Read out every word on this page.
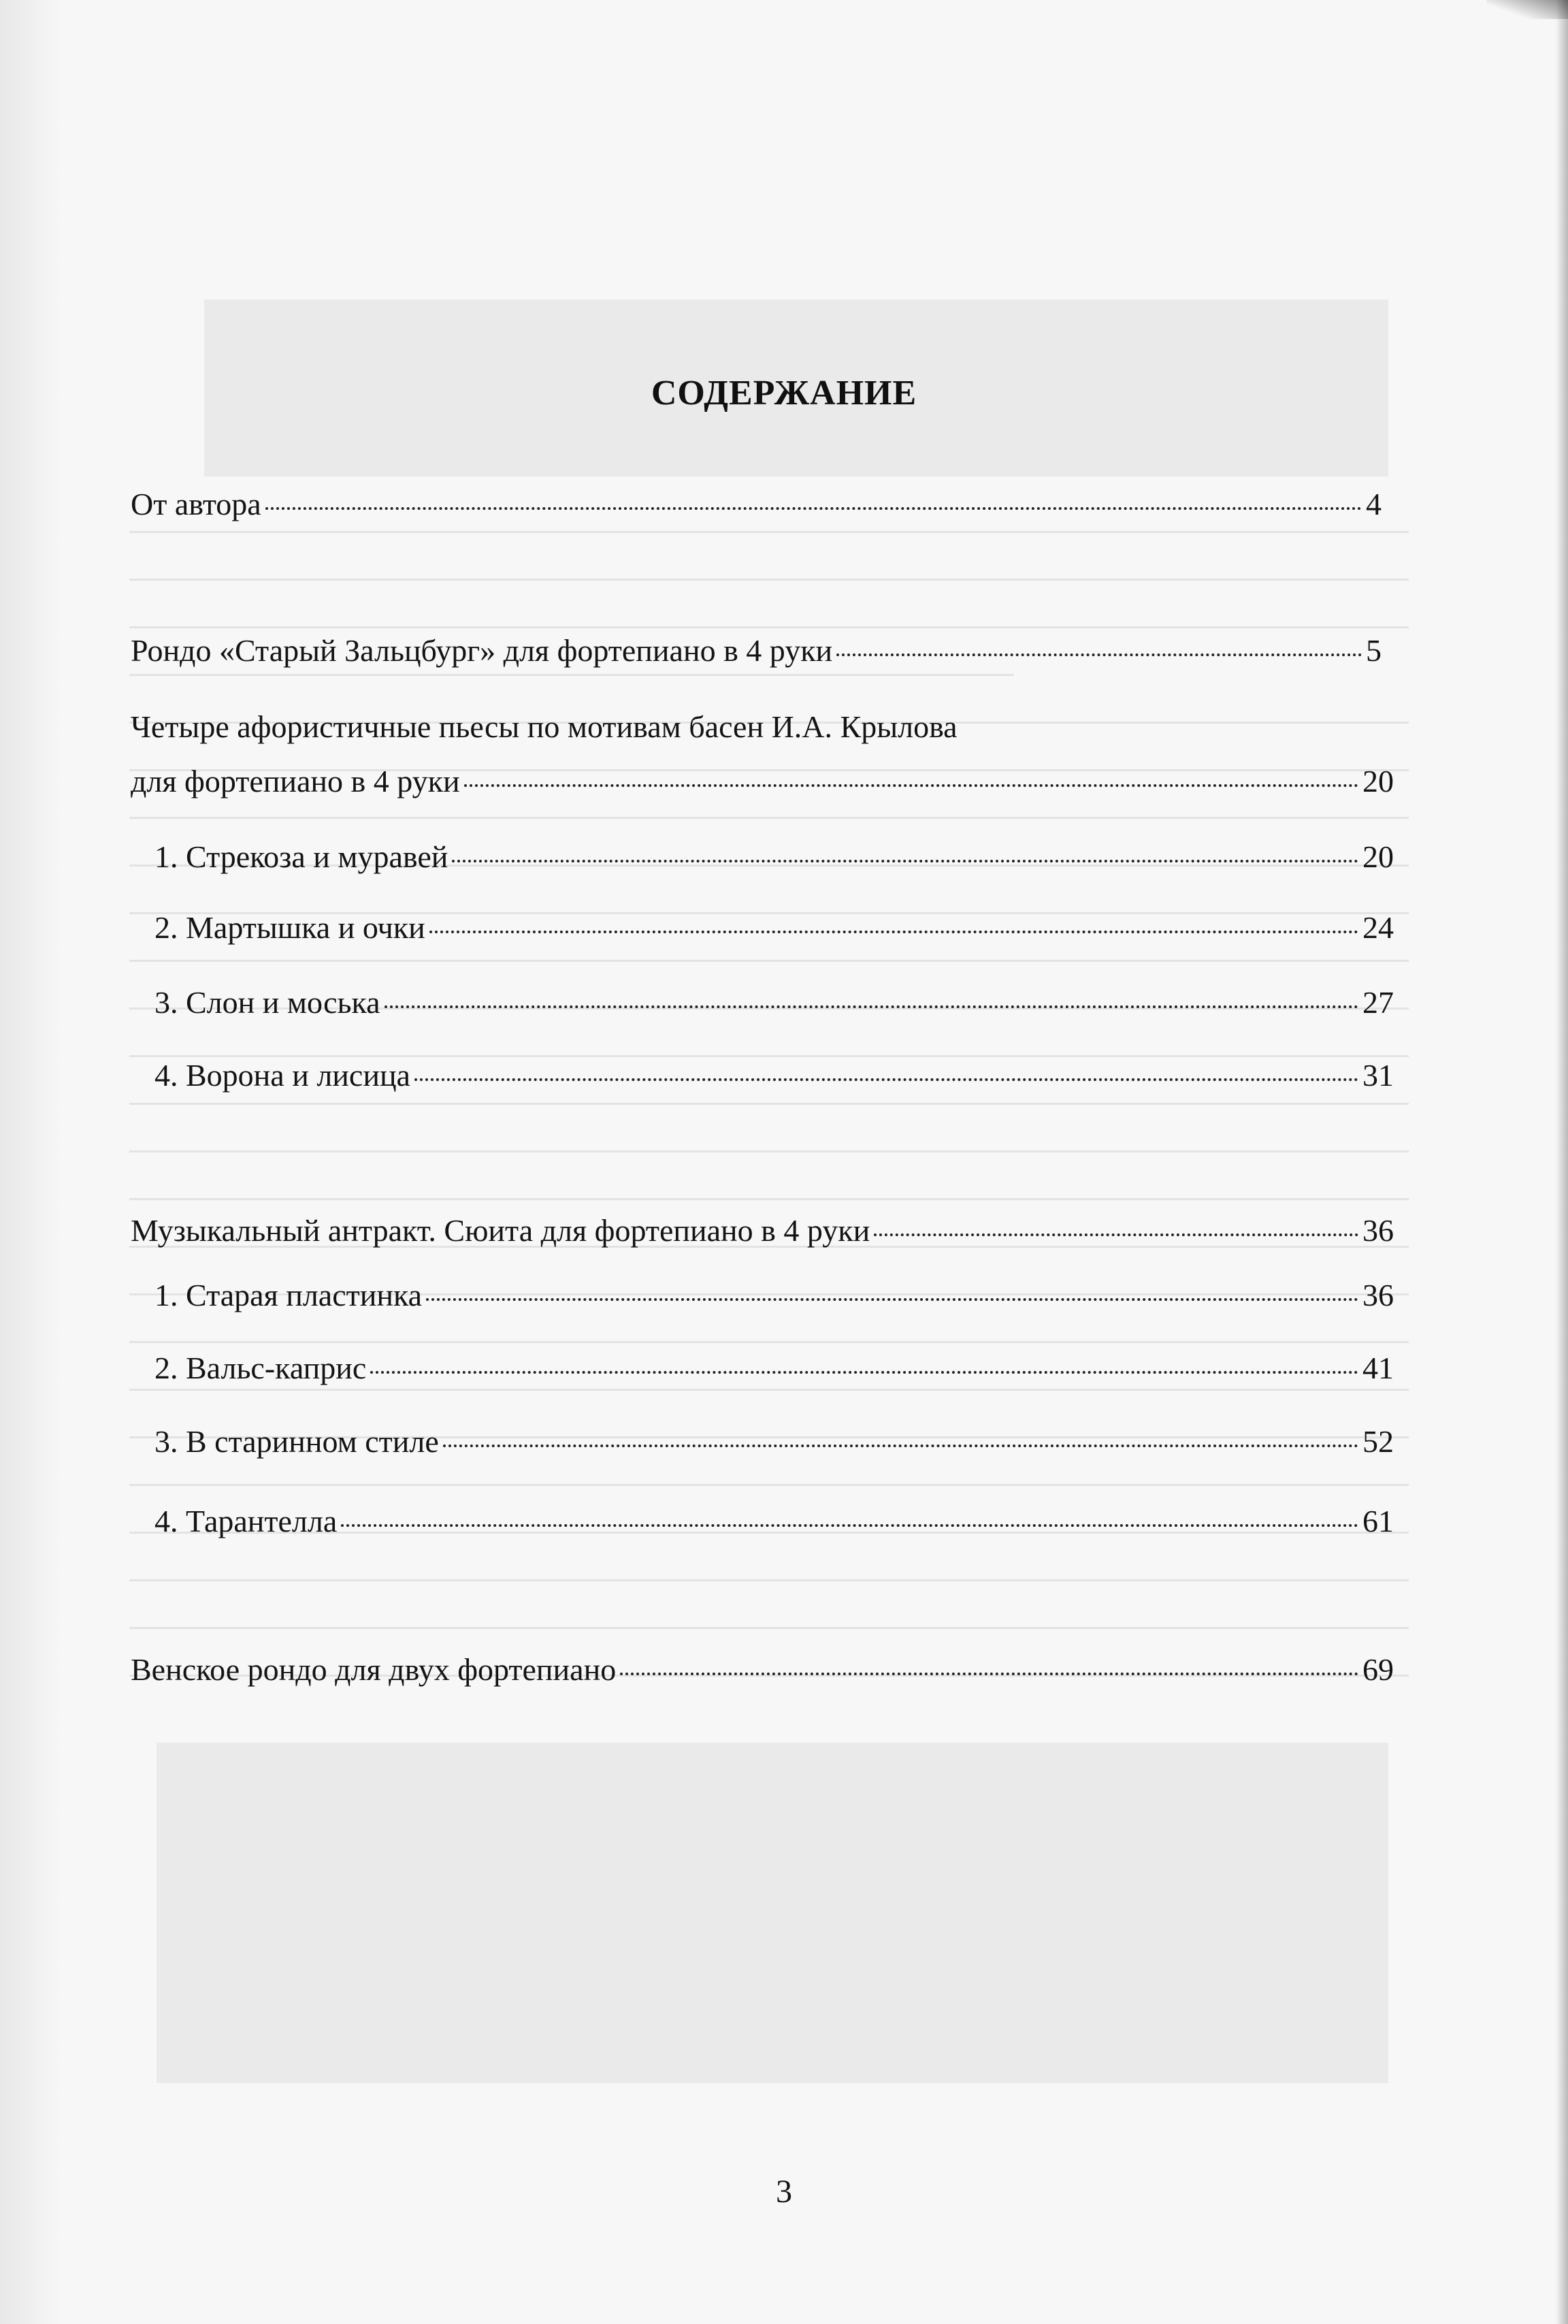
СОДЕРЖАНИЕ
От автора	4
Рондо «Старый Зальцбург» для фортепиано в 4 руки	5
Четыре афористичные пьесы по мотивам басен И.А. Крылова
для фортепиано в 4 руки	20
1. Стрекоза и муравей	20
2. Мартышка и очки	24
3. Слон и моська	27
4. Ворона и лисица	31
Музыкальный антракт. Сюита для фортепиано в 4 руки	36
1. Старая пластинка	36
2. Вальс-каприс	41
3. В старинном стиле	52
4. Тарантелла	61
Венское рондо для двух фортепиано	69
3
